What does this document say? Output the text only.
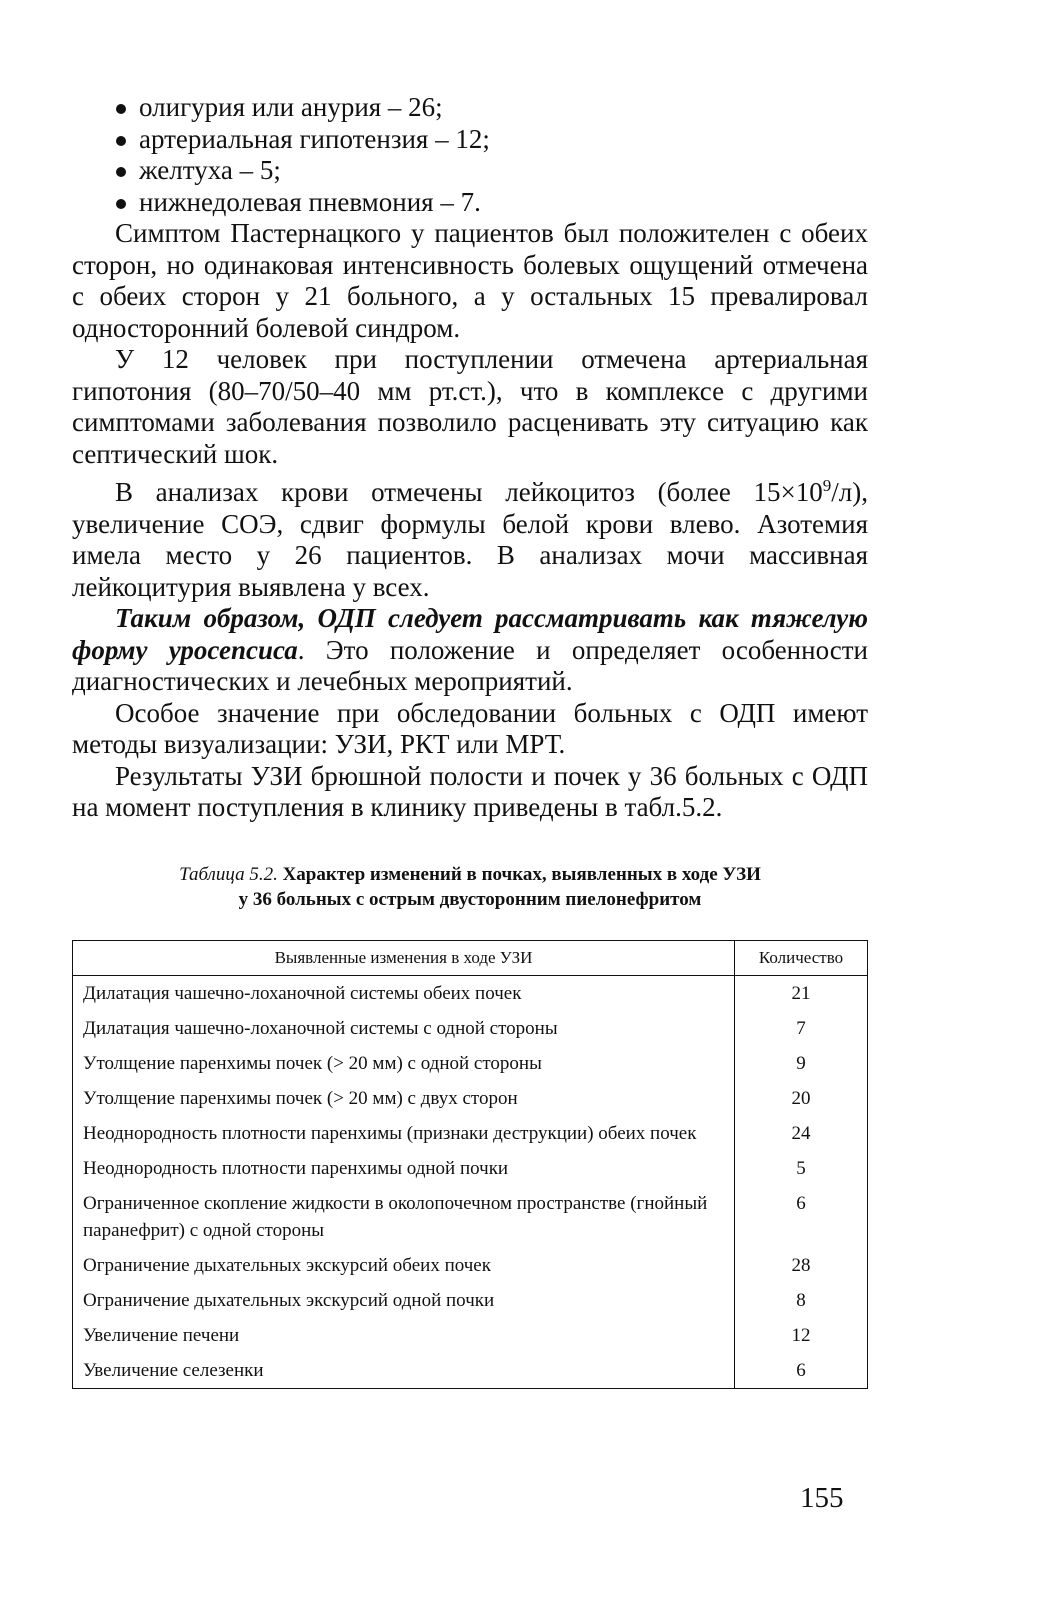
олигурия или анурия – 26;
артериальная гипотензия – 12;
желтуха – 5;
нижнедолевая пневмония – 7.

Симптом Пастернацкого у пациентов был положителен с обеих сторон, но одинаковая интенсивность болевых ощущений отмечена с обеих сторон у 21 больного, а у остальных 15 превалировал односторонний болевой синдром.

У 12 человек при поступлении отмечена артериальная гипотония (80–70/50–40 мм рт.ст.), что в комплексе с другими симптомами заболевания позволило расценивать эту ситуацию как септический шок.

В анализах крови отмечены лейкоцитоз (более $15\times 10^9/л$), увеличение СОЭ, сдвиг формулы белой крови влево. Азотемия имела место у 26 пациентов. В анализах мочи массивная лейкоцитурия выявлена у всех.

Таким образом, ОДП следует рассматривать как тяжелую форму уросепсиса. Это положение и определяет особенности диагностических и лечебных мероприятий.

Особое значение при обследовании больных с ОДП имеют методы визуализации: УЗИ, РКТ или МРТ.

Результаты УЗИ брюшной полости и почек у 36 больных с ОДП на момент поступления в клинику приведены в табл.5.2.

Таблица 5.2. Характер изменений в почках, выявленных в ходе УЗИ
у 36 больных с острым двусторонним пиелонефритом
Выявленные изменения в ходе УЗИ	Количество
Дилатация чашечно-лоханочной системы обеих почек	21
Дилатация чашечно-лоханочной системы с одной стороны	7
Утолщение паренхимы почек (> 20 мм) с одной стороны	9
Утолщение паренхимы почек (> 20 мм) с двух сторон	20
Неоднородность плотности паренхимы (признаки деструкции) обеих почек	24
Неоднородность плотности паренхимы одной почки	5
Ограниченное скопление жидкости в околопочечном пространстве (гнойный паранефрит) с одной стороны	6
Ограничение дыхательных экскурсий обеих почек	28
Ограничение дыхательных экскурсий одной почки	8
Увеличение печени	12
Увеличение селезенки	6
155
